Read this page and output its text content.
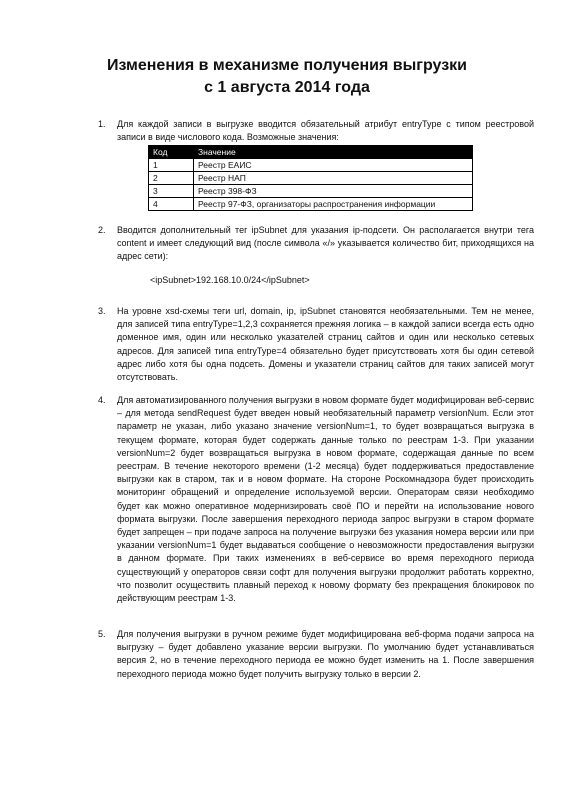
Изменения в механизме получения выгрузки
с 1 августа 2014 года
1. Для каждой записи в выгрузке вводится обязательный атрибут entryType с типом реестровой записи в виде числового кода. Возможные значения:
Код	Значение
1	Реестр ЕАИС
2	Реестр НАП
3	Реестр 398-ФЗ
4	Реестр 97-ФЗ, организаторы распространения информации
2. Вводится дополнительный тег ipSubnet для указания ip-подсети. Он располагается внутри тега content и имеет следующий вид (после символа «/» указывается количество бит, приходящихся на адрес сети):
<ipSubnet>192.168.10.0/24</ipSubnet>
3. На уровне xsd-схемы теги url, domain, ip, ipSubnet становятся необязательными. Тем не менее, для записей типа entryType=1,2,3 сохраняется прежняя логика – в каждой записи всегда есть одно доменное имя, один или несколько указателей страниц сайтов и один или несколько сетевых адресов. Для записей типа entryType=4 обязательно будет присутствовать хотя бы один сетевой адрес либо хотя бы одна подсеть. Домены и указатели страниц сайтов для таких записей могут отсутствовать.
4. Для автоматизированного получения выгрузки в новом формате будет модифицирован веб-сервис – для метода sendRequest будет введен новый необязательный параметр versionNum. Если этот параметр не указан, либо указано значение versionNum=1, то будет возвращаться выгрузка в текущем формате, которая будет содержать данные только по реестрам 1-3. При указании versionNum=2 будет возвращаться выгрузка в новом формате, содержащая данные по всем реестрам. В течение некоторого времени (1-2 месяца) будет поддерживаться предоставление выгрузки как в старом, так и в новом формате. На стороне Роскомнадзора будет происходить мониторинг обращений и определение используемой версии. Операторам связи необходимо будет как можно оперативное модернизировать своё ПО и перейти на использование нового формата выгрузки. После завершения переходного периода запрос выгрузки в старом формате будет запрещен – при подаче запроса на получение выгрузки без указания номера версии или при указании versionNum=1 будет выдаваться сообщение о невозможности предоставления выгрузки в данном формате. При таких изменениях в веб-сервисе во время переходного периода существующий у операторов связи софт для получения выгрузки продолжит работать корректно, что позволит осуществить плавный переход к новому формату без прекращения блокировок по действующим реестрам 1-3.
5. Для получения выгрузки в ручном режиме будет модифицирована веб-форма подачи запроса на выгрузку – будет добавлено указание версии выгрузки. По умолчанию будет устанавливаться версия 2, но в течение переходного периода ее можно будет изменить на 1. После завершения переходного периода можно будет получить выгрузку только в версии 2.
